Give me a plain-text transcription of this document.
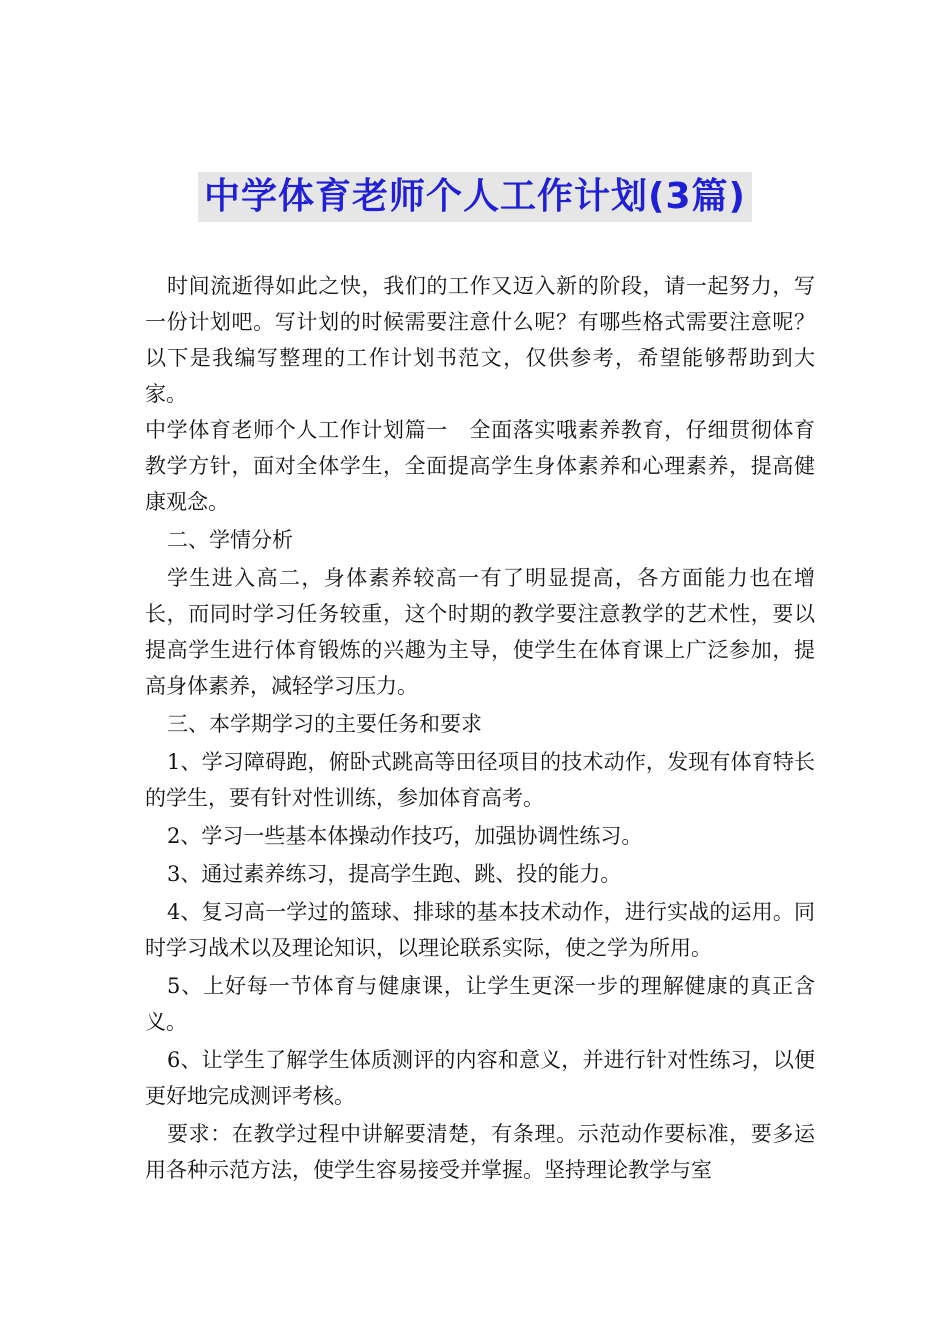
中学体育老师个人工作计划(3篇)

时间流逝得如此之快，我们的工作又迈入新的阶段，请一起努力，写一份计划吧。写计划的时候需要注意什么呢？有哪些格式需要注意呢？以下是我编写整理的工作计划书范文，仅供参考，希望能够帮助到大家。

中学体育老师个人工作计划篇一　全面落实哦素养教育，仔细贯彻体育教学方针，面对全体学生，全面提高学生身体素养和心理素养，提高健康观念。

二、学情分析

学生进入高二，身体素养较高一有了明显提高，各方面能力也在增长，而同时学习任务较重，这个时期的教学要注意教学的艺术性，要以提高学生进行体育锻炼的兴趣为主导，使学生在体育课上广泛参加，提高身体素养，减轻学习压力。

三、本学期学习的主要任务和要求

1、学习障碍跑，俯卧式跳高等田径项目的技术动作，发现有体育特长的学生，要有针对性训练，参加体育高考。

2、学习一些基本体操动作技巧，加强协调性练习。

3、通过素养练习，提高学生跑、跳、投的能力。

4、复习高一学过的篮球、排球的基本技术动作，进行实战的运用。同时学习战术以及理论知识，以理论联系实际，使之学为所用。

5、上好每一节体育与健康课，让学生更深一步的理解健康的真正含义。

6、让学生了解学生体质测评的内容和意义，并进行针对性练习，以便更好地完成测评考核。

要求：在教学过程中讲解要清楚，有条理。示范动作要标准，要多运用各种示范方法，使学生容易接受并掌握。坚持理论教学与室
